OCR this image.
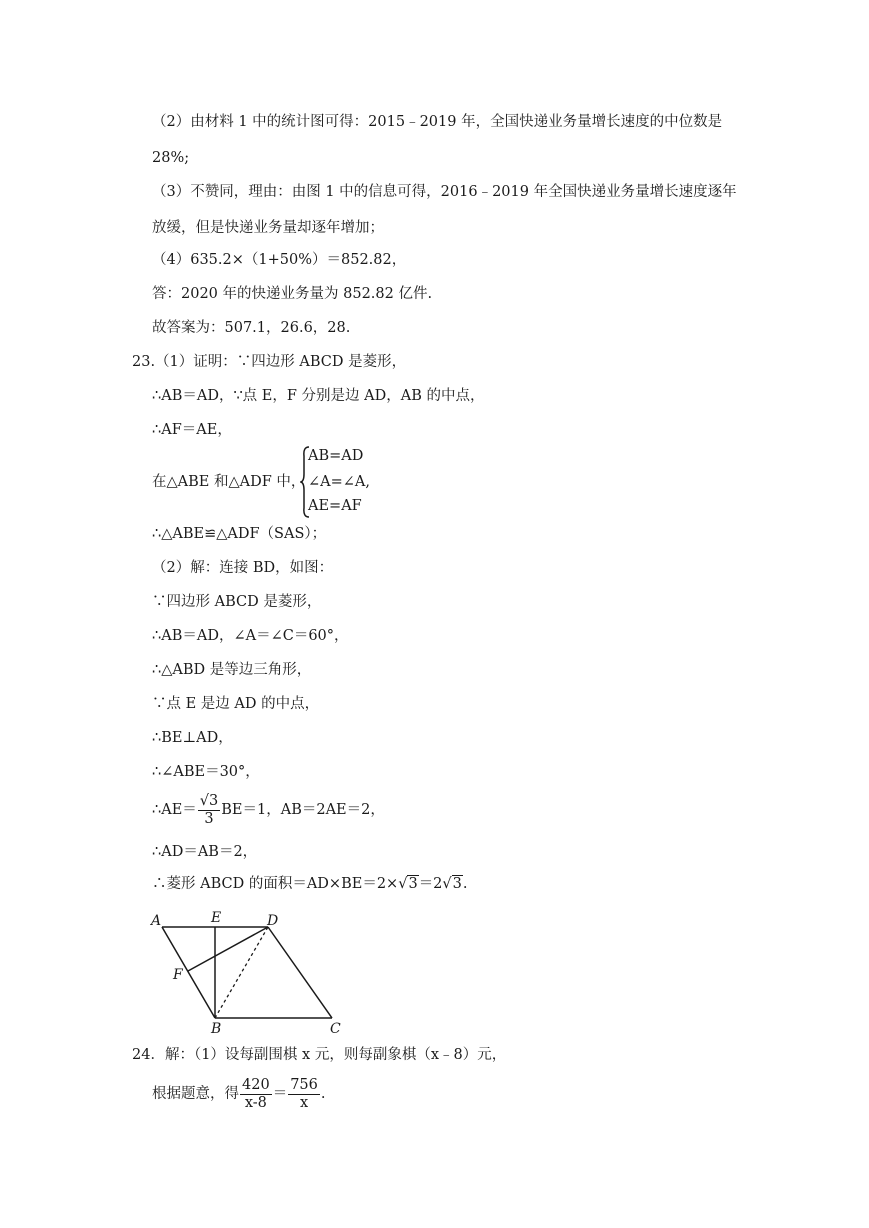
（2）由材料 1 中的统计图可得：2015﹣2019 年，全国快递业务量增长速度的中位数是
28%;
（3）不赞同，理由：由图 1 中的信息可得，2016﹣2019 年全国快递业务量增长速度逐年
放缓，但是快递业务量却逐年增加；
（4）635.2×（1+50%）＝852.82，
答：2020 年的快递业务量为 852.82 亿件.
故答案为：507.1，26.6，28.
23.（1）证明：∵四边形 ABCD 是菱形，
∴AB＝AD，∵点 E，F 分别是边 AD，AB 的中点，
∴AF＝AE，
在△ABE 和△ADF 中，
AB=AD
∠A=∠A,
AE=AF
∴△ABE≌△ADF（SAS）；
（2）解：连接 BD，如图：
∵四边形 ABCD 是菱形，
∴AB＝AD，∠A＝∠C＝60°，
∴△ABD 是等边三角形，
∵点 E 是边 AD 的中点，
∴BE⊥AD，
∴∠ABE＝30°，
∴AE＝ $\frac{√3}{3} BE=1$，AB＝2AE＝2，
∴AD＝AB＝2，
∴菱形 ABCD 的面积＝AD×BE＝2×√3＝2√3.
A	E	D
F
B	C
24．解：（1）设每副围棋 x 元，则每副象棋（x﹣8）元，
根据题意，得 $\frac{420}{x-8} = \frac{756}{x}$ .
